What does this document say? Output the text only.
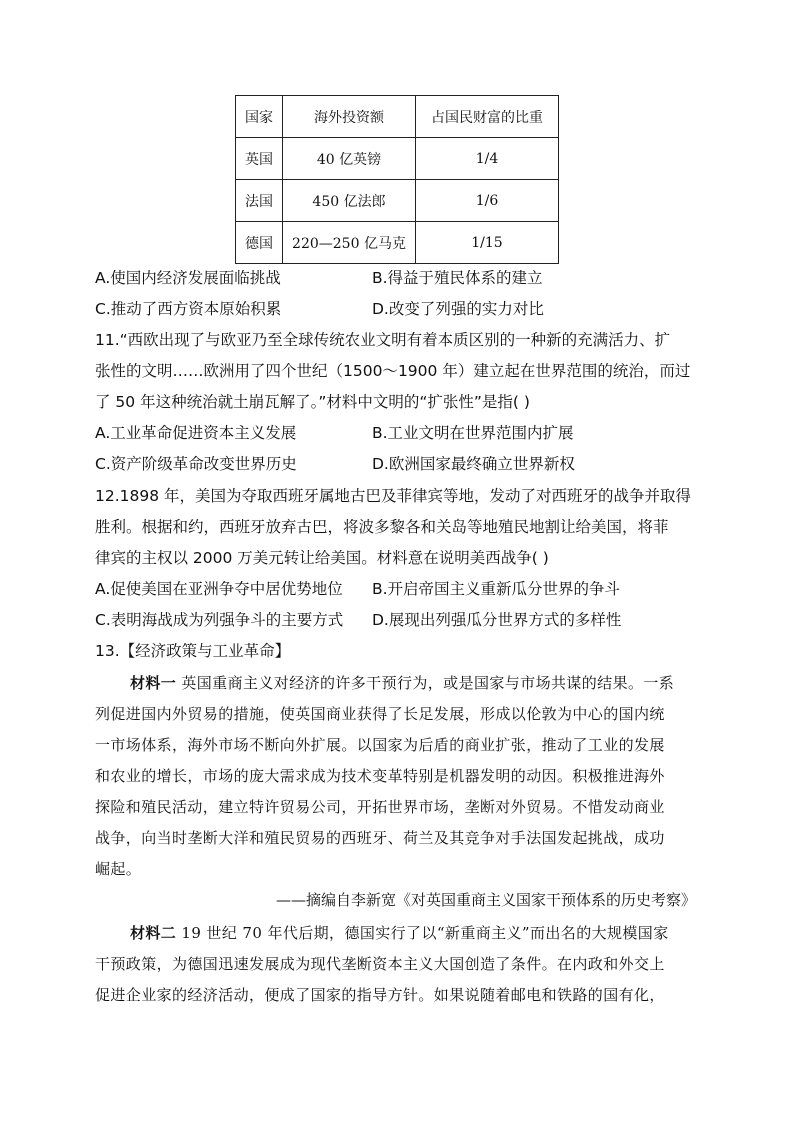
国家	海外投资额	占国民财富的比重
英国	40 亿英镑	1/4
法国	450 亿法郎	1/6
德国	220—250 亿马克	1/15
A.使国内经济发展面临挑战	B.得益于殖民体系的建立
C.推动了西方资本原始积累	D.改变了列强的实力对比
11.“西欧出现了与欧亚乃至全球传统农业文明有着本质区别的一种新的充满活力、扩
张性的文明……欧洲用了四个世纪（1500～1900 年）建立起在世界范围的统治，而过
了 50 年这种统治就土崩瓦解了。”材料中文明的“扩张性”是指( )
A.工业革命促进资本主义发展	B.工业文明在世界范围内扩展
C.资产阶级革命改变世界历史	D.欧洲国家最终确立世界新权
12.1898 年，美国为夺取西班牙属地古巴及菲律宾等地，发动了对西班牙的战争并取得
胜利。根据和约，西班牙放弃古巴，将波多黎各和关岛等地殖民地割让给美国，将菲
律宾的主权以 2000 万美元转让给美国。材料意在说明美西战争( )
A.促使美国在亚洲争夺中居优势地位 B.开启帝国主义重新瓜分世界的争斗
C.表明海战成为列强争斗的主要方式 D.展现出列强瓜分世界方式的多样性
13.【经济政策与工业革命】
材料一 英国重商主义对经济的许多干预行为，或是国家与市场共谋的结果。一系
列促进国内外贸易的措施，使英国商业获得了长足发展，形成以伦敦为中心的国内统
一市场体系，海外市场不断向外扩展。以国家为后盾的商业扩张，推动了工业的发展
和农业的增长，市场的庞大需求成为技术变革特别是机器发明的动因。积极推进海外
探险和殖民活动，建立特许贸易公司，开拓世界市场，垄断对外贸易。不惜发动商业
战争，向当时垄断大洋和殖民贸易的西班牙、荷兰及其竞争对手法国发起挑战，成功
崛起。
——摘编自李新宽《对英国重商主义国家干预体系的历史考察》
材料二 19 世纪 70 年代后期，德国实行了以“新重商主义”而出名的大规模国家
干预政策，为德国迅速发展成为现代垄断资本主义大国创造了条件。在内政和外交上
促进企业家的经济活动，便成了国家的指导方针。如果说随着邮电和铁路的国有化，
